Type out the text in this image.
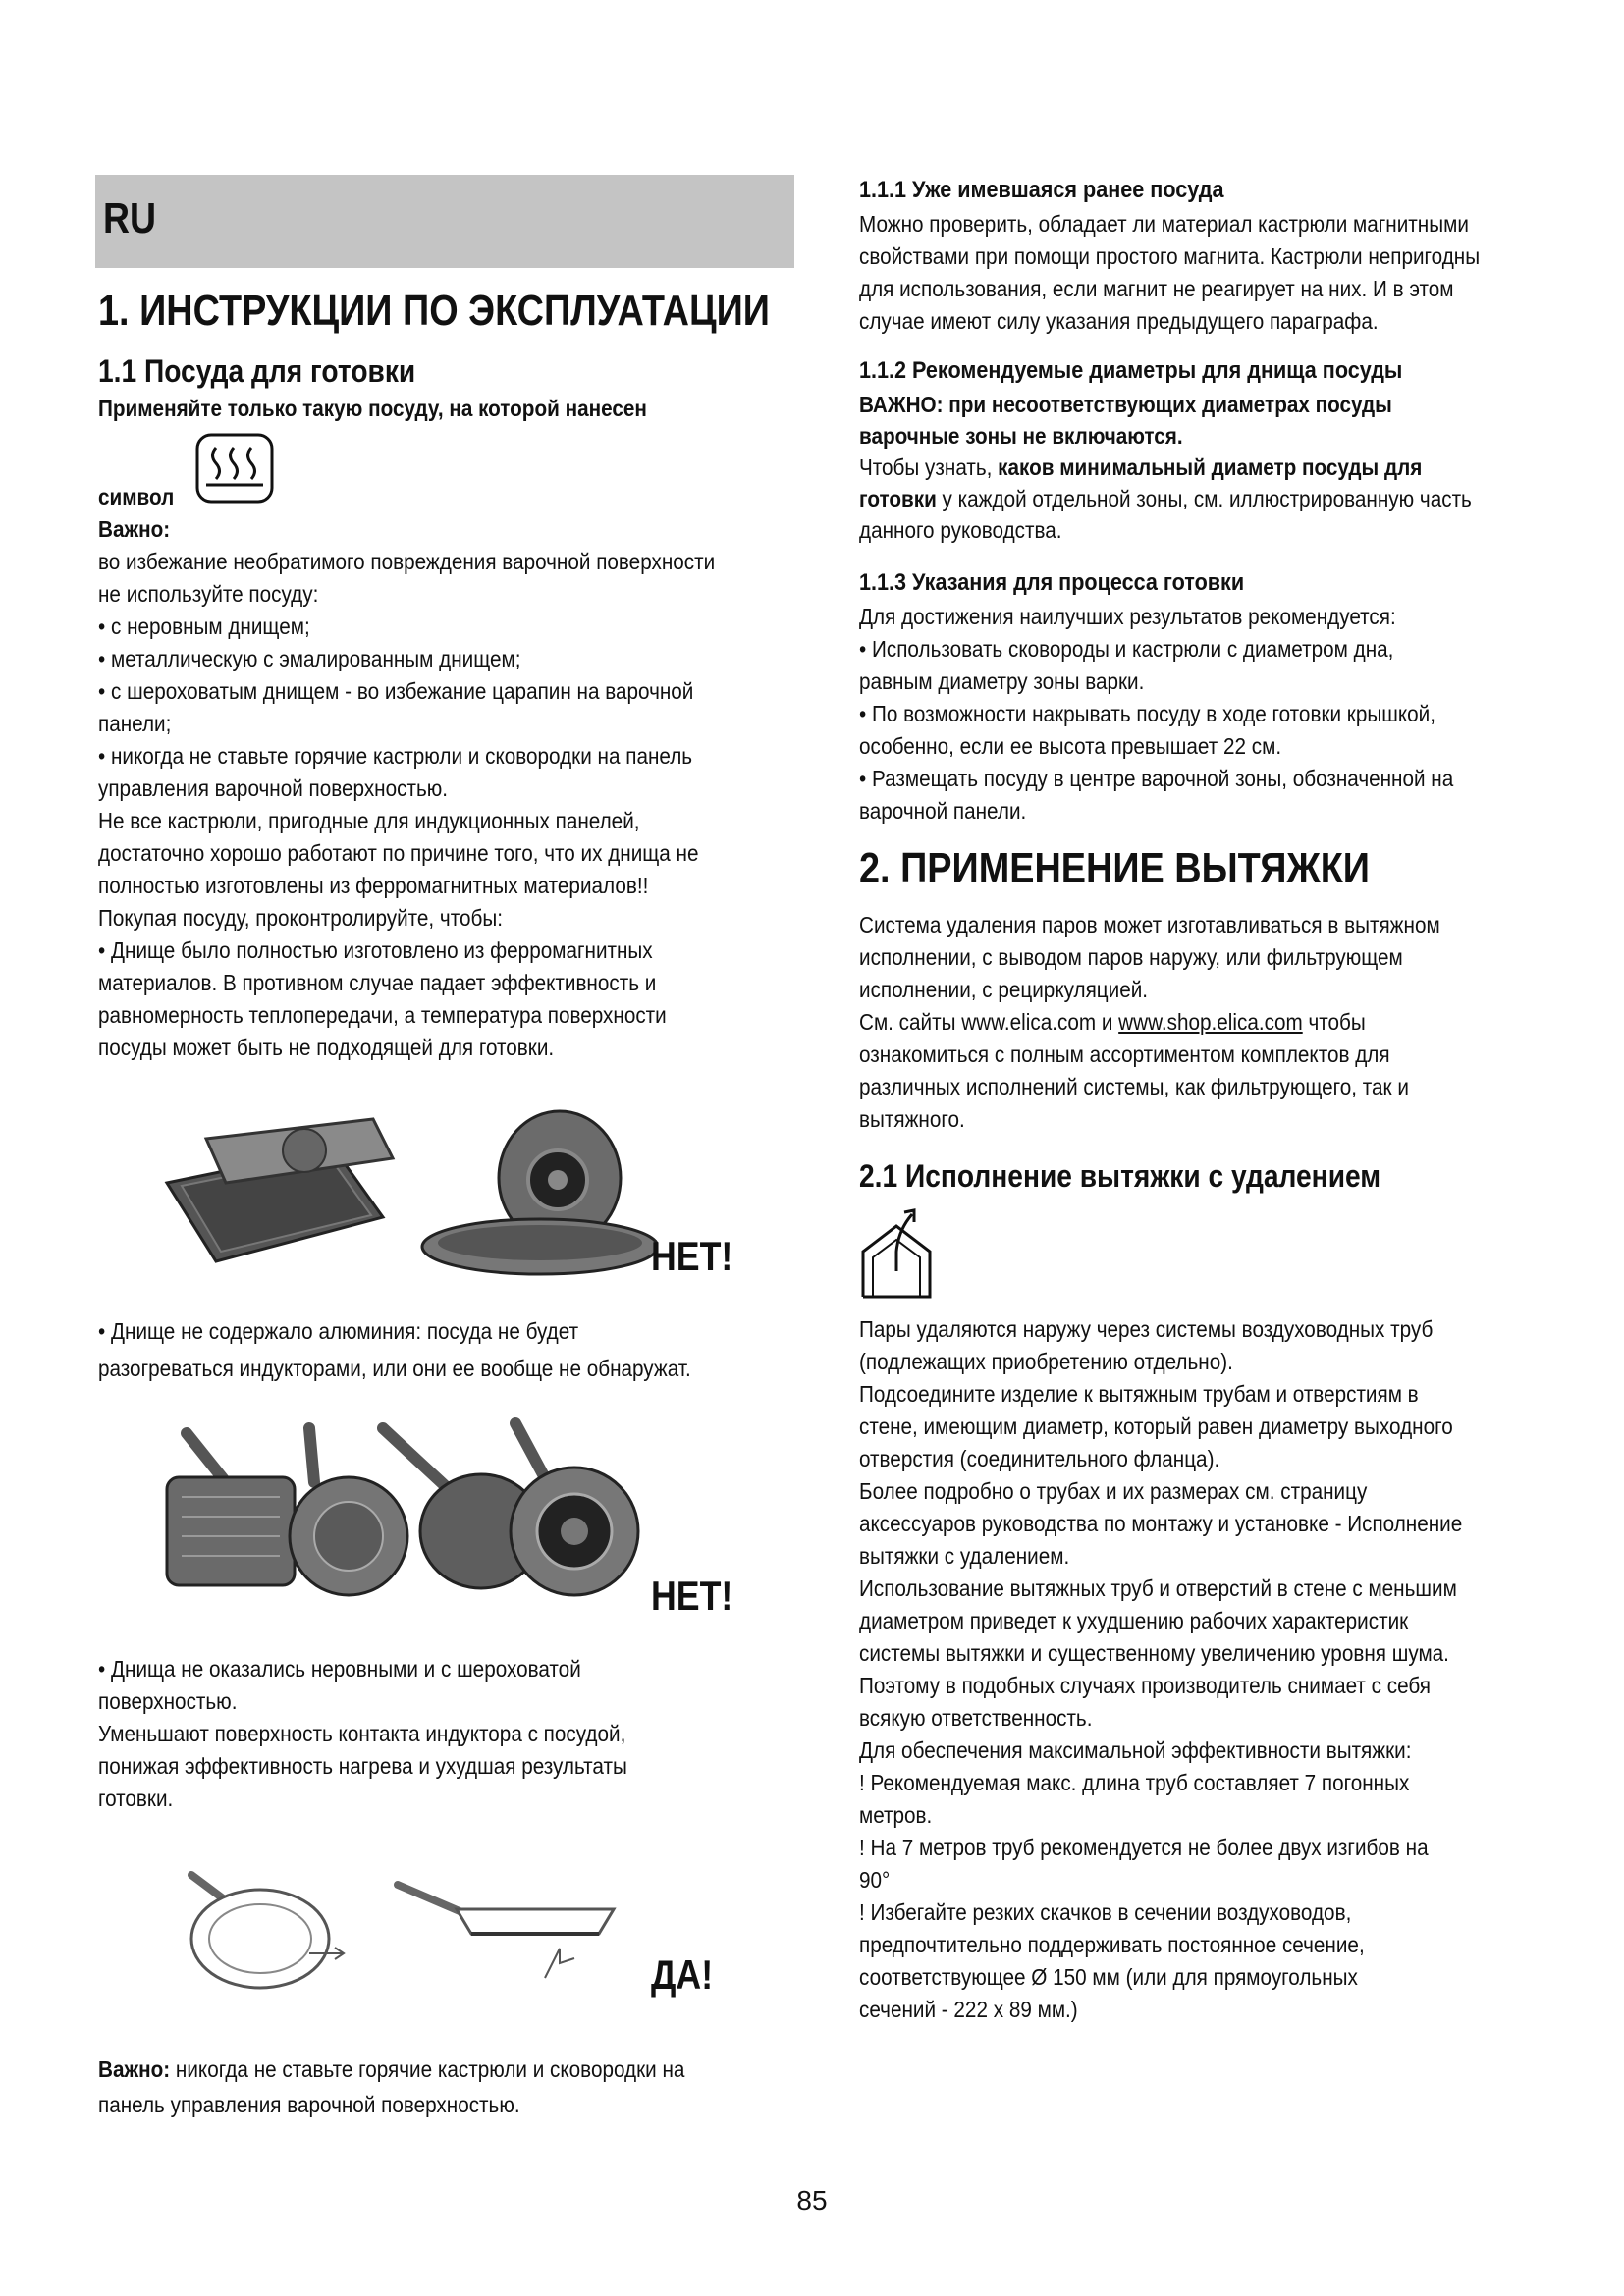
RU
1. ИНСТРУКЦИИ ПО ЭКСПЛУАТАЦИИ
1.1 Посуда для готовки
Применяйте только такую посуду, на которой нанесен
символ
Важно:
во избежание необратимого повреждения варочной поверхности
не используйте посуду:
• с неровным днищем;
• металлическую с эмалированным днищем;
• с шероховатым днищем - во избежание царапин на варочной
панели;
• никогда не ставьте горячие кастрюли и сковородки на панель
управления варочной поверхностью.
Не все кастрюли, пригодные для индукционных панелей,
достаточно хорошо работают по причине того, что их днища не
полностью изготовлены из ферромагнитных материалов!!
Покупая посуду, проконтролируйте, чтобы:
• Днище было полностью изготовлено из ферромагнитных
материалов. В противном случае падает эффективность и
равномерность теплопередачи, а температура поверхности
посуды может быть не подходящей для готовки.
НЕТ!
• Днище не содержало алюминия: посуда не будет
разогреваться индукторами, или они ее вообще не обнаружат.
НЕТ!
• Днища не оказались неровными и с шероховатой
поверхностью.
Уменьшают поверхность контакта индуктора с посудой,
понижая эффективность нагрева и ухудшая результаты
готовки.
ДА!
Важно: никогда не ставьте горячие кастрюли и сковородки на
панель управления варочной поверхностью.
1.1.1 Уже имевшаяся ранее посуда
Можно проверить, обладает ли материал кастрюли магнитными
свойствами при помощи простого магнита. Кастрюли непригодны
для использования, если магнит не реагирует на них. И в этом
случае имеют силу указания предыдущего параграфа.
1.1.2 Рекомендуемые диаметры для днища посуды
ВАЖНО: при несоответствующих диаметрах посуды
варочные зоны не включаются.
Чтобы узнать, каков минимальный диаметр посуды для
готовки у каждой отдельной зоны, см. иллюстрированную часть
данного руководства.
1.1.3 Указания для процесса готовки
Для достижения наилучших результатов рекомендуется:
• Использовать сковороды и кастрюли с диаметром дна,
равным диаметру зоны варки.
• По возможности накрывать посуду в ходе готовки крышкой,
особенно, если ее высота превышает 22 см.
• Размещать посуду в центре варочной зоны, обозначенной на
варочной панели.
2. ПРИМЕНЕНИЕ ВЫТЯЖКИ
Система удаления паров может изготавливаться в вытяжном
исполнении, с выводом паров наружу, или фильтрующем
исполнении, с рециркуляцией.
См. сайты www.elica.com и www.shop.elica.com чтобы
ознакомиться с полным ассортиментом комплектов для
различных исполнений системы, как фильтрующего, так и
вытяжного.
2.1 Исполнение вытяжки с удалением
Пары удаляются наружу через системы воздуховодных труб
(подлежащих приобретению отдельно).
Подсоедините изделие к вытяжным трубам и отверстиям в
стене, имеющим диаметр, который равен диаметру выходного
отверстия (соединительного фланца).
Более подробно о трубах и их размерах см. страницу
аксессуаров руководства по монтажу и установке - Исполнение
вытяжки с удалением.
Использование вытяжных труб и отверстий в стене с меньшим
диаметром приведет к ухудшению рабочих характеристик
системы вытяжки и существенному увеличению уровня шума.
Поэтому в подобных случаях производитель снимает с себя
всякую ответственность.
Для обеспечения максимальной эффективности вытяжки:
! Рекомендуемая макс. длина труб составляет 7 погонных
метров.
! На 7 метров труб рекомендуется не более двух изгибов на
90°
! Избегайте резких скачков в сечении воздуховодов,
предпочтительно поддерживать постоянное сечение,
соответствующее Ø 150 мм (или для прямоугольных
сечений - 222 x 89 мм.)
85
